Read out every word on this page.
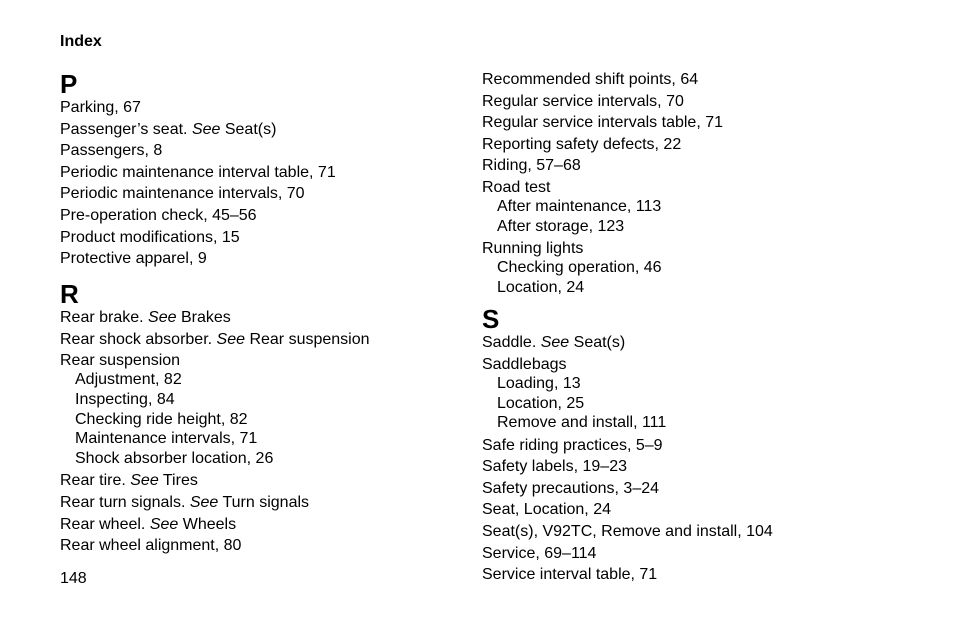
Index
P
Parking, 67
Passenger’s seat. See Seat(s)
Passengers, 8
Periodic maintenance interval table, 71
Periodic maintenance intervals, 70
Pre-operation check, 45–56
Product modifications, 15
Protective apparel, 9
R
Rear brake. See Brakes
Rear shock absorber. See Rear suspension
Rear suspension
Adjustment, 82
Inspecting, 84
Checking ride height, 82
Maintenance intervals, 71
Shock absorber location, 26
Rear tire. See Tires
Rear turn signals. See Turn signals
Rear wheel. See Wheels
Rear wheel alignment, 80
Recommended shift points, 64
Regular service intervals, 70
Regular service intervals table, 71
Reporting safety defects, 22
Riding, 57–68
Road test
After maintenance, 113
After storage, 123
Running lights
Checking operation, 46
Location, 24
S
Saddle. See Seat(s)
Saddlebags
Loading, 13
Location, 25
Remove and install, 111
Safe riding practices, 5–9
Safety labels, 19–23
Safety precautions, 3–24
Seat, Location, 24
Seat(s), V92TC, Remove and install, 104
Service, 69–114
Service interval table, 71
148
